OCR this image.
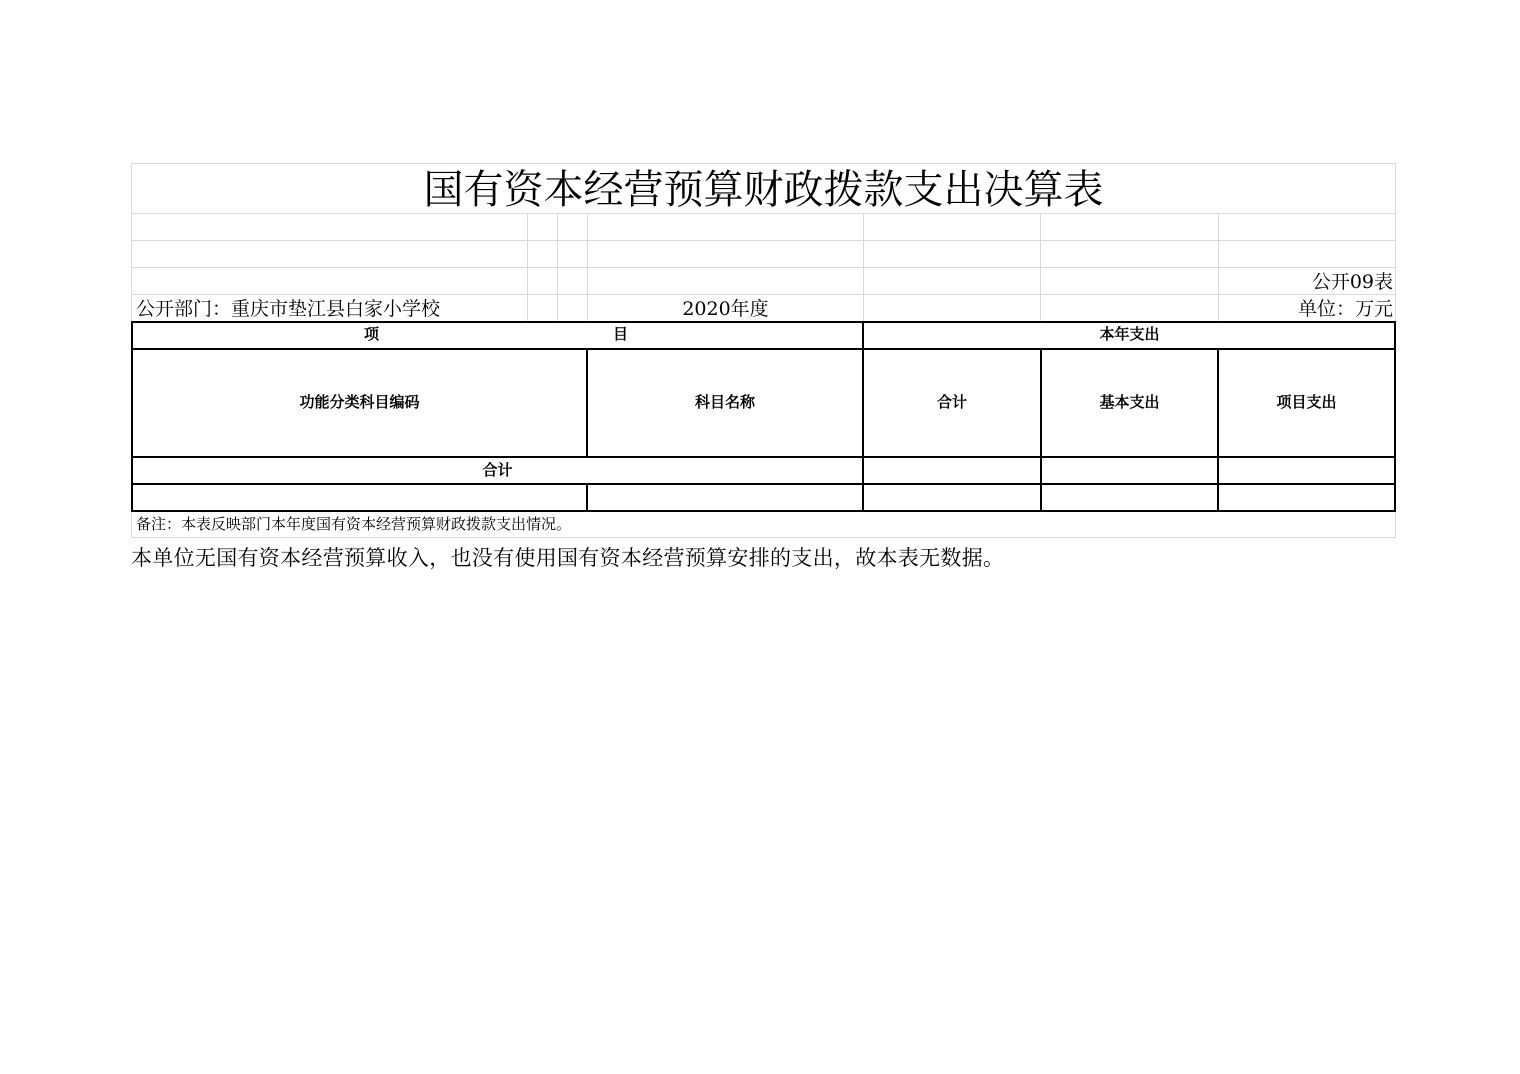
国有资本经营预算财政拨款支出决算表
公开09表
公开部门：重庆市垫江县白家小学校	2020年度	单位：万元
项	目	本年支出
功能分类科目编码	科目名称	合计	基本支出	项目支出
合计
备注：本表反映部门本年度国有资本经营预算财政拨款支出情况。
本单位无国有资本经营预算收入，也没有使用国有资本经营预算安排的支出，故本表无数据。
